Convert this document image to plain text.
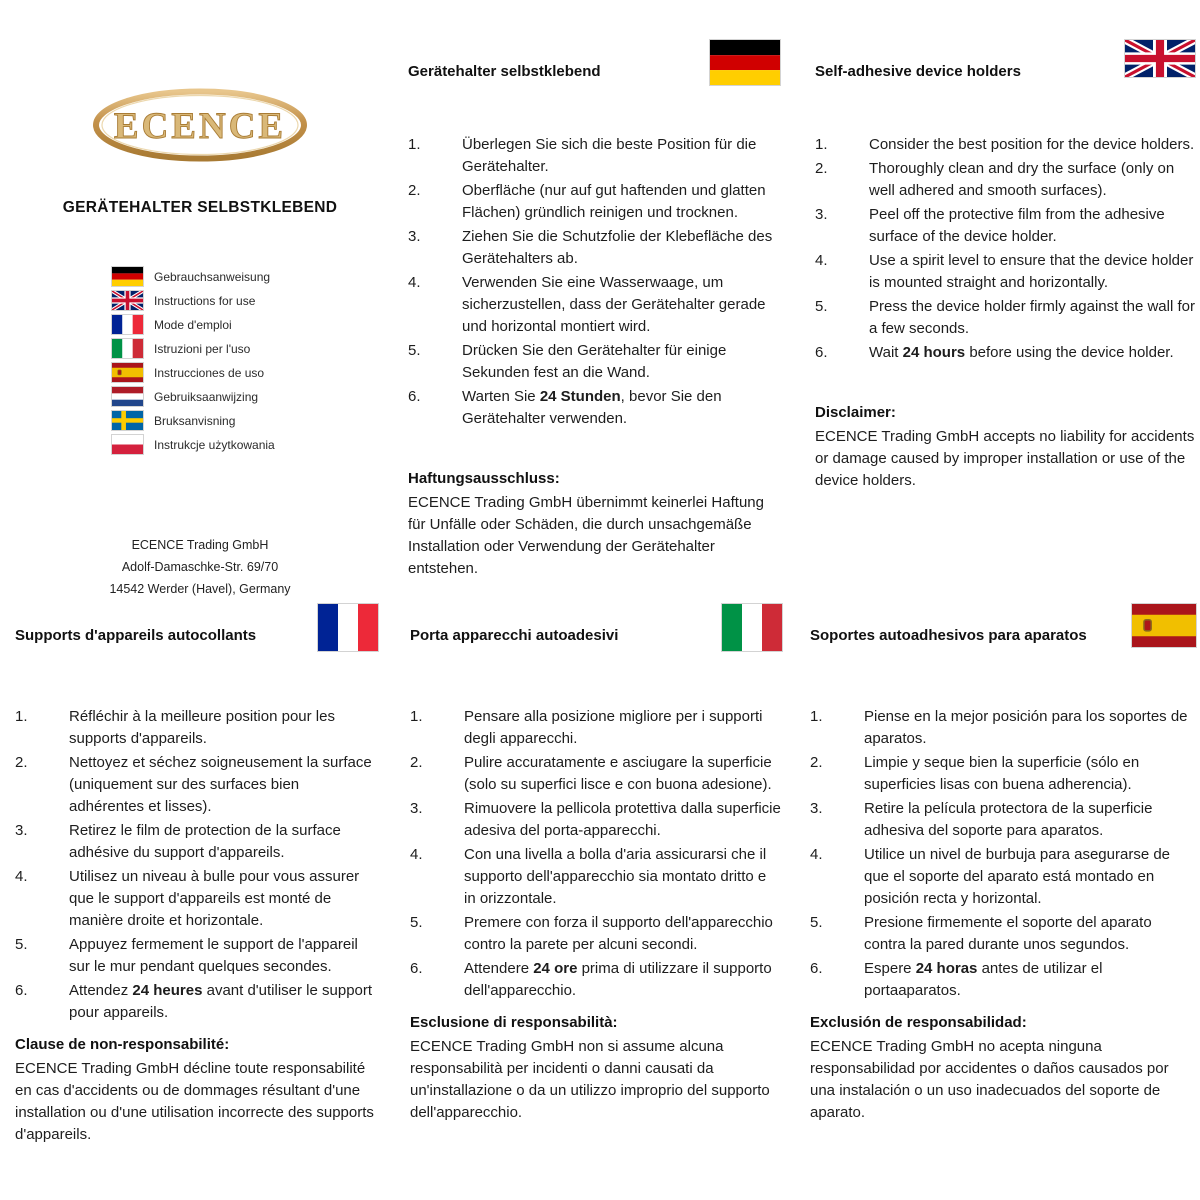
ECENCE
GERÄTEHALTER SELBSTKLEBEND
Gebrauchsanweisung
Instructions for use
Mode d'emploi
Istruzioni per l'uso
Instrucciones de uso
Gebruiksaanwijzing
Bruksanvisning
Instrukcje użytkowania
ECENCE Trading GmbH
Adolf-Damaschke-Str. 69/70
14542 Werder (Havel), Germany
Gerätehalter selbstklebend
1.	Überlegen Sie sich die beste Position für die Gerätehalter.
2.	Oberfläche (nur auf gut haftenden und glatten Flächen) gründlich reinigen und trocknen.
3.	Ziehen Sie die Schutzfolie der Klebefläche des Gerätehalters ab.
4.	Verwenden Sie eine Wasserwaage, um sicherzustellen, dass der Gerätehalter gerade und horizontal montiert wird.
5.	Drücken Sie den Gerätehalter für einige Sekunden fest an die Wand.
6.	Warten Sie 24 Stunden, bevor Sie den Gerätehalter verwenden.
Haftungsausschluss:

ECENCE Trading GmbH übernimmt keinerlei Haftung für Unfälle oder Schäden, die durch unsachgemäße Installation oder Verwendung der Gerätehalter entstehen.

Self-adhesive device holders
1.	Consider the best position for the device holders.
2.	Thoroughly clean and dry the surface (only on well adhered and smooth surfaces).
3.	Peel off the protective film from the adhesive surface of the device holder.
4.	Use a spirit level to ensure that the device holder is mounted straight and horizontally.
5.	Press the device holder firmly against the wall for a few seconds.
6.	Wait 24 hours before using the device holder.
Disclaimer:

ECENCE Trading GmbH accepts no liability for accidents or damage caused by improper installation or use of the device holders.

Supports d'appareils autocollants
1.	Réfléchir à la meilleure position pour les supports d'appareils.
2.	Nettoyez et séchez soigneusement la surface (uniquement sur des surfaces bien adhérentes et lisses).
3.	Retirez le film de protection de la surface adhésive du support d'appareils.
4.	Utilisez un niveau à bulle pour vous assurer que le support d'appareils est monté de manière droite et horizontale.
5.	Appuyez fermement le support de l'appareil sur le mur pendant quelques secondes.
6.	Attendez 24 heures avant d'utiliser le support pour appareils.
Clause de non-responsabilité:

ECENCE Trading GmbH décline toute responsabilité en cas d'accidents ou de dommages résultant d'une installation ou d'une utilisation incorrecte des supports d'appareils.

Porta apparecchi autoadesivi
1.	Pensare alla posizione migliore per i supporti degli apparecchi.
2.	Pulire accuratamente e asciugare la superficie (solo su superfici lisce e con buona adesione).
3.	Rimuovere la pellicola protettiva dalla superficie adesiva del porta-apparecchi.
4.	Con una livella a bolla d'aria assicurarsi che il supporto dell'apparecchio sia montato dritto e in orizzontale.
5.	Premere con forza il supporto dell'apparecchio contro la parete per alcuni secondi.
6.	Attendere 24 ore prima di utilizzare il supporto dell'apparecchio.
Esclusione di responsabilità:

ECENCE Trading GmbH non si assume alcuna responsabilità per incidenti o danni causati da un'installazione o da un utilizzo improprio del supporto dell'apparecchio.

Soportes autoadhesivos para aparatos
1.	Piense en la mejor posición para los soportes de aparatos.
2.	Limpie y seque bien la superficie (sólo en superficies lisas con buena adherencia).
3.	Retire la película protectora de la superficie adhesiva del soporte para aparatos.
4.	Utilice un nivel de burbuja para asegurarse de que el soporte del aparato está montado en posición recta y horizontal.
5.	Presione firmemente el soporte del aparato contra la pared durante unos segundos.
6.	Espere 24 horas antes de utilizar el portaaparatos.
Exclusión de responsabilidad:

ECENCE Trading GmbH no acepta ninguna responsabilidad por accidentes o daños causados por una instalación o un uso inadecuados del soporte de aparato.
